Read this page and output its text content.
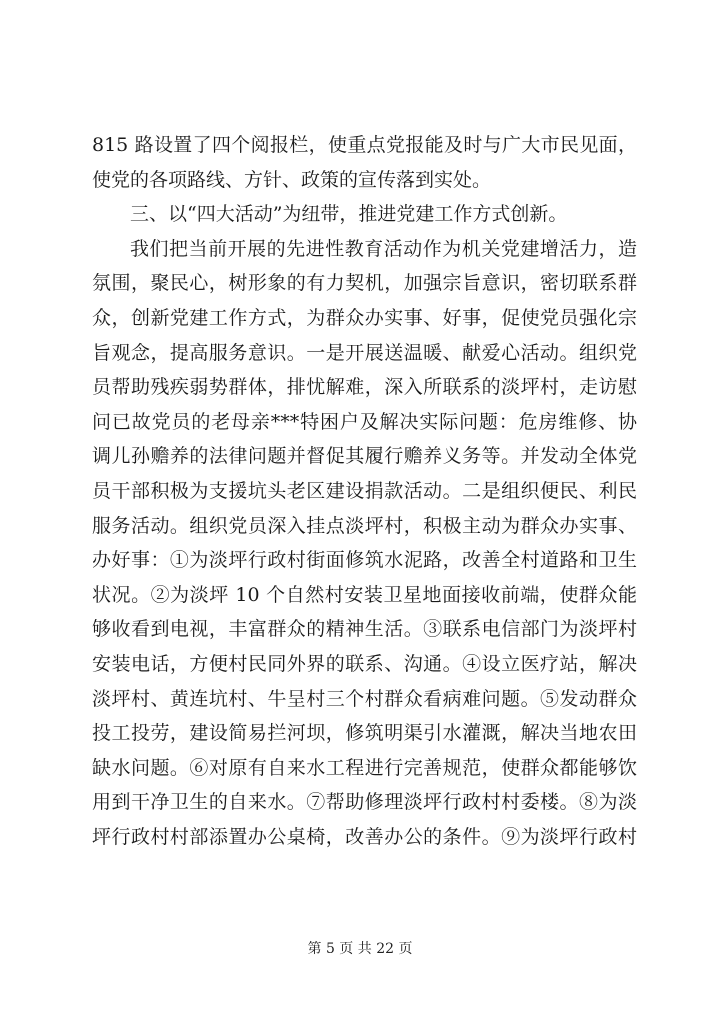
815 路设置了四个阅报栏，使重点党报能及时与广大市民见面，
使党的各项路线、方针、政策的宣传落到实处。
三、以“四大活动”为纽带，推进党建工作方式创新。
我们把当前开展的先进性教育活动作为机关党建增活力，造
氛围，聚民心，树形象的有力契机，加强宗旨意识，密切联系群
众，创新党建工作方式，为群众办实事、好事，促使党员强化宗
旨观念，提高服务意识。一是开展送温暖、献爱心活动。组织党
员帮助残疾弱势群体，排忧解难，深入所联系的淡坪村，走访慰
问已故党员的老母亲***特困户及解决实际问题：危房维修、协
调儿孙赡养的法律问题并督促其履行赡养义务等。并发动全体党
员干部积极为支援坑头老区建设捐款活动。二是组织便民、利民
服务活动。组织党员深入挂点淡坪村，积极主动为群众办实事、
办好事：①为淡坪行政村街面修筑水泥路，改善全村道路和卫生
状况。②为淡坪 10 个自然村安装卫星地面接收前端，使群众能
够收看到电视，丰富群众的精神生活。③联系电信部门为淡坪村
安装电话，方便村民同外界的联系、沟通。④设立医疗站，解决
淡坪村、黄连坑村、牛呈村三个村群众看病难问题。⑤发动群众
投工投劳，建设简易拦河坝，修筑明渠引水灌溉，解决当地农田
缺水问题。⑥对原有自来水工程进行完善规范，使群众都能够饮
用到干净卫生的自来水。⑦帮助修理淡坪行政村村委楼。⑧为淡
坪行政村村部添置办公桌椅，改善办公的条件。⑨为淡坪行政村
第 5 页 共 22 页
